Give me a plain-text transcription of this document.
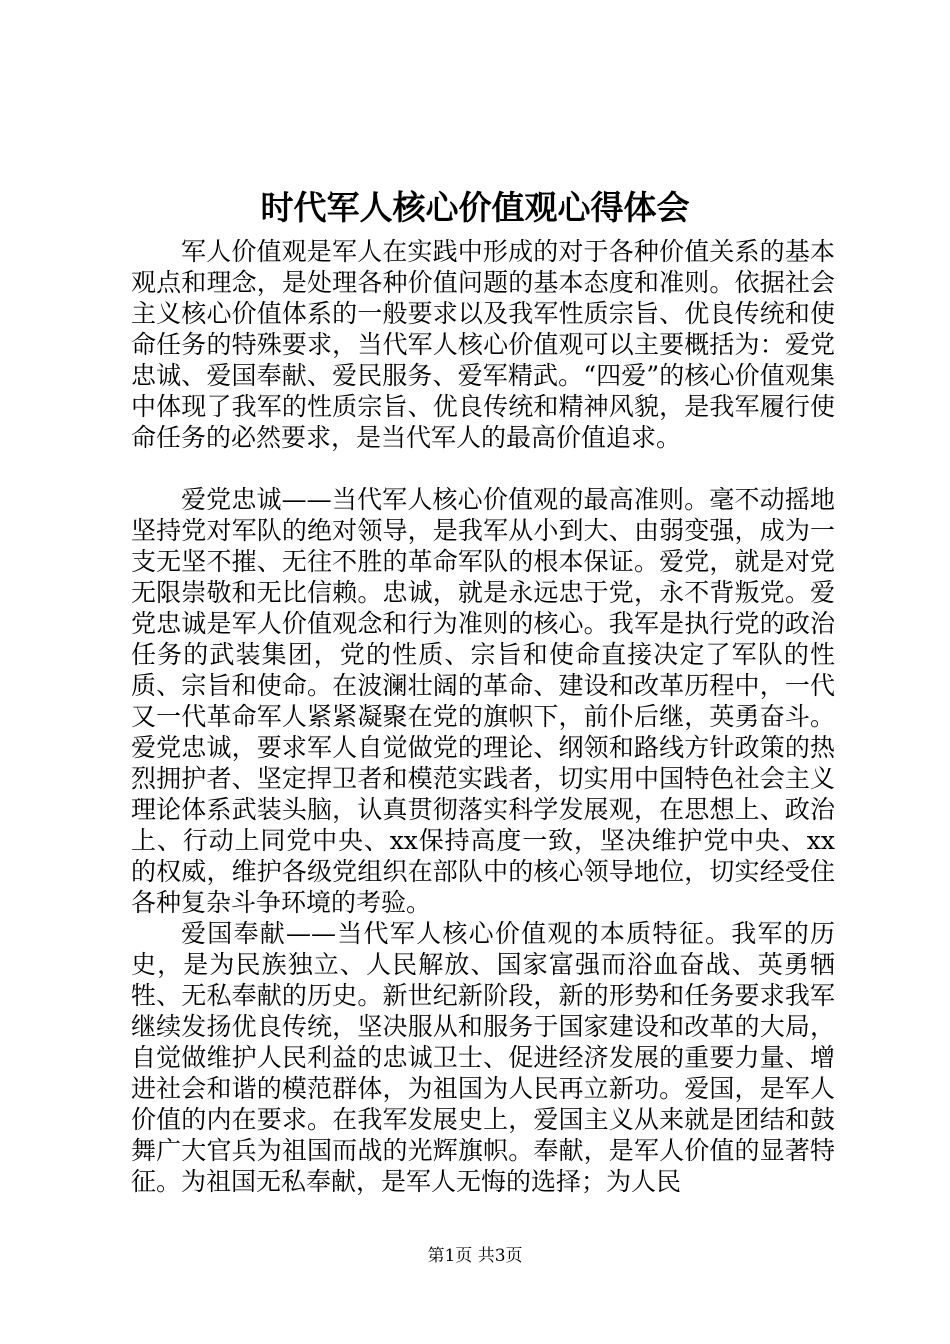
时代军人核心价值观心得体会

军人价值观是军人在实践中形成的对于各种价值关系的基本观点和理念，是处理各种价值问题的基本态度和准则。依据社会主义核心价值体系的一般要求以及我军性质宗旨、优良传统和使命任务的特殊要求，当代军人核心价值观可以主要概括为：爱党忠诚、爱国奉献、爱民服务、爱军精武。“四爱”的核心价值观集中体现了我军的性质宗旨、优良传统和精神风貌，是我军履行使命任务的必然要求，是当代军人的最高价值追求。

爱党忠诚——当代军人核心价值观的最高准则。毫不动摇地坚持党对军队的绝对领导，是我军从小到大、由弱变强，成为一支无坚不摧、无往不胜的革命军队的根本保证。爱党，就是对党无限崇敬和无比信赖。忠诚，就是永远忠于党，永不背叛党。爱党忠诚是军人价值观念和行为准则的核心。我军是执行党的政治任务的武装集团，党的性质、宗旨和使命直接决定了军队的性质、宗旨和使命。在波澜壮阔的革命、建设和改革历程中，一代又一代革命军人紧紧凝聚在党的旗帜下，前仆后继，英勇奋斗。爱党忠诚，要求军人自觉做党的理论、纲领和路线方针政策的热烈拥护者、坚定捍卫者和模范实践者，切实用中国特色社会主义理论体系武装头脑，认真贯彻落实科学发展观，在思想上、政治上、行动上同党中央、xx保持高度一致，坚决维护党中央、xx的权威，维护各级党组织在部队中的核心领导地位，切实经受住各种复杂斗争环境的考验。

爱国奉献——当代军人核心价值观的本质特征。我军的历史，是为民族独立、人民解放、国家富强而浴血奋战、英勇牺牲、无私奉献的历史。新世纪新阶段，新的形势和任务要求我军继续发扬优良传统，坚决服从和服务于国家建设和改革的大局，自觉做维护人民利益的忠诚卫士、促进经济发展的重要力量、增进社会和谐的模范群体，为祖国为人民再立新功。爱国，是军人价值的内在要求。在我军发展史上，爱国主义从来就是团结和鼓舞广大官兵为祖国而战的光辉旗帜。奉献，是军人价值的显著特征。为祖国无私奉献，是军人无悔的选择；为人民

第1页 共3页
